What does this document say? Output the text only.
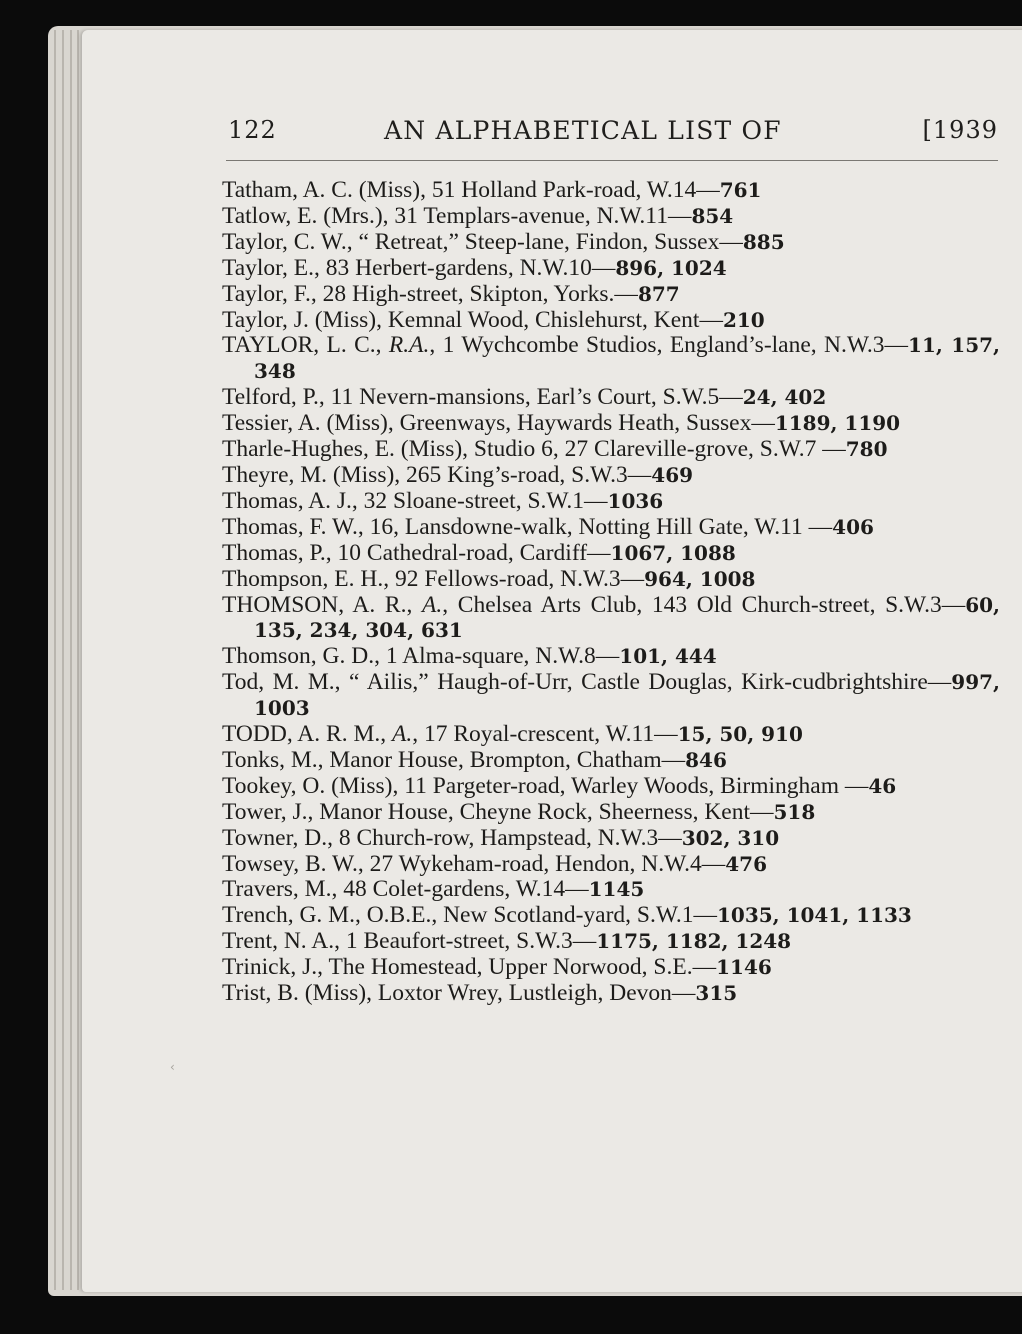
122	AN ALPHABETICAL LIST OF	[1939
Tatham, A. C. (Miss), 51 Holland Park-road, W.14—761
Tatlow, E. (Mrs.), 31 Templars-avenue, N.W.11—854
Taylor, C. W., “ Retreat,” Steep-lane, Findon, Sussex—885
Taylor, E., 83 Herbert-gardens, N.W.10—896, 1024
Taylor, F., 28 High-street, Skipton, Yorks.—877
Taylor, J. (Miss), Kemnal Wood, Chislehurst, Kent—210
TAYLOR, L. C., R.A., 1 Wychcombe Studios, England’s-lane, N.W.3—11, 157, 348
Telford, P., 11 Nevern-mansions, Earl’s Court, S.W.5—24, 402
Tessier, A. (Miss), Greenways, Haywards Heath, Sussex—1189, 1190
Tharle-Hughes, E. (Miss), Studio 6, 27 Clareville-grove, S.W.7 —780
Theyre, M. (Miss), 265 King’s-road, S.W.3—469
Thomas, A. J., 32 Sloane-street, S.W.1—1036
Thomas, F. W., 16, Lansdowne-walk, Notting Hill Gate, W.11 —406
Thomas, P., 10 Cathedral-road, Cardiff—1067, 1088
Thompson, E. H., 92 Fellows-road, N.W.3—964, 1008
THOMSON, A. R., A., Chelsea Arts Club, 143 Old Church-street, S.W.3—60, 135, 234, 304, 631
Thomson, G. D., 1 Alma-square, N.W.8—101, 444
Tod, M. M., “ Ailis,” Haugh-of-Urr, Castle Douglas, Kirk-cudbrightshire—997, 1003
TODD, A. R. M., A., 17 Royal-crescent, W.11—15, 50, 910
Tonks, M., Manor House, Brompton, Chatham—846
Tookey, O. (Miss), 11 Pargeter-road, Warley Woods, Birmingham —46
Tower, J., Manor House, Cheyne Rock, Sheerness, Kent—518
Towner, D., 8 Church-row, Hampstead, N.W.3—302, 310
Towsey, B. W., 27 Wykeham-road, Hendon, N.W.4—476
Travers, M., 48 Colet-gardens, W.14—1145
Trench, G. M., O.B.E., New Scotland-yard, S.W.1—1035, 1041, 1133
Trent, N. A., 1 Beaufort-street, S.W.3—1175, 1182, 1248
Trinick, J., The Homestead, Upper Norwood, S.E.—1146
Trist, B. (Miss), Loxtor Wrey, Lustleigh, Devon—315
‹
